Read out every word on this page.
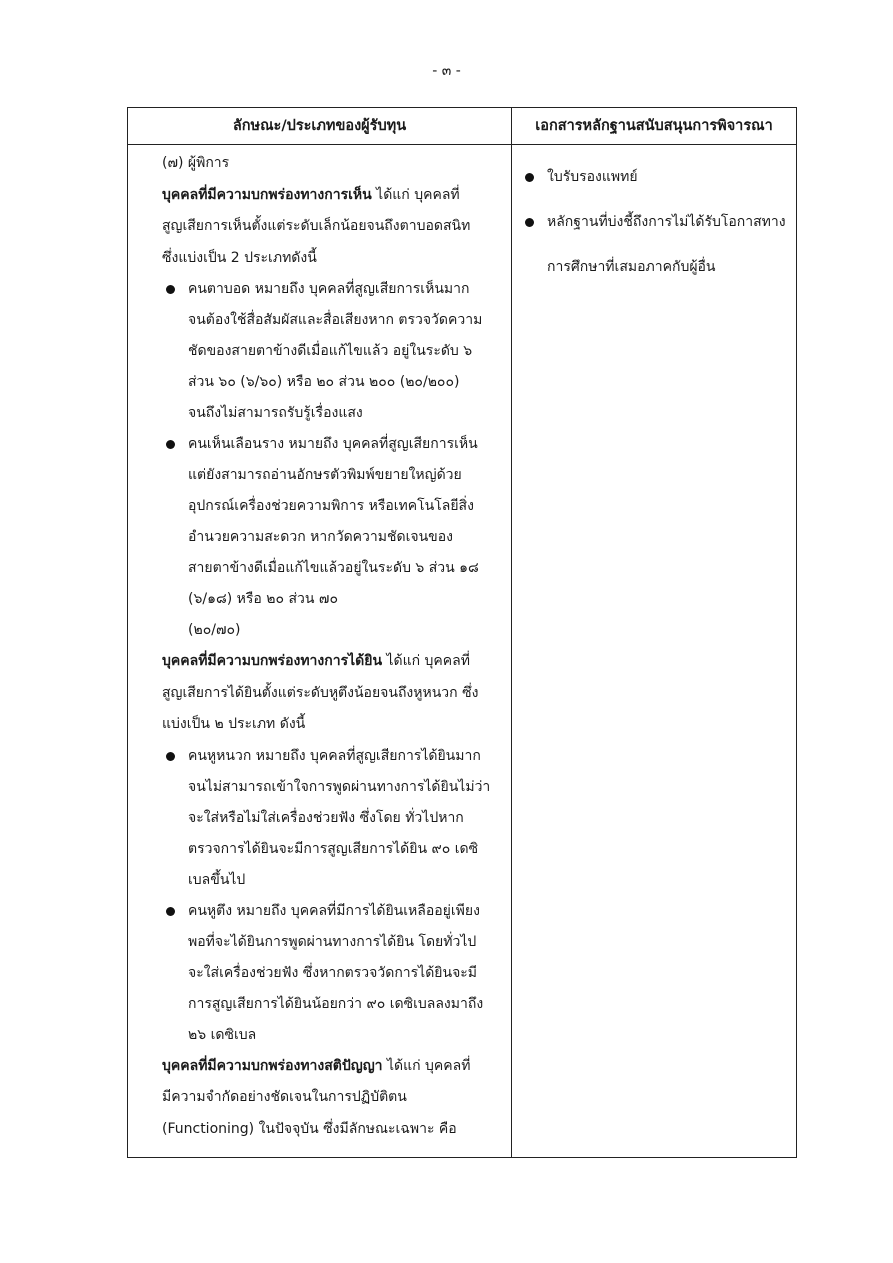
- ๓ -
ลักษณะ/ประเภทของผู้รับทุน	เอกสารหลักฐานสนับสนุนการพิจารณา

(๗) ผู้พิการ

บุคคลที่มีความบกพร่องทางการเห็น ได้แก่ บุคคลที่

สูญเสียการเห็นตั้งแต่ระดับเล็กน้อยจนถึงตาบอดสนิท

ซึ่งแบ่งเป็น 2 ประเภทดังนี้

คนตาบอด หมายถึง บุคคลที่สูญเสียการเห็นมาก

จนต้องใช้สื่อสัมผัสและสื่อเสียงหาก ตรวจวัดความ

ชัดของสายตาข้างดีเมื่อแก้ไขแล้ว อยู่ในระดับ ๖

ส่วน ๖๐ (๖/๖๐) หรือ ๒๐ ส่วน ๒๐๐ (๒๐/๒๐๐)

จนถึงไม่สามารถรับรู้เรื่องแสง

คนเห็นเลือนราง หมายถึง บุคคลที่สูญเสียการเห็น

แต่ยังสามารถอ่านอักษรตัวพิมพ์ขยายใหญ่ด้วย

อุปกรณ์เครื่องช่วยความพิการ หรือเทคโนโลยีสิ่ง

อำนวยความสะดวก หากวัดความชัดเจนของ

สายตาข้างดีเมื่อแก้ไขแล้วอยู่ในระดับ ๖ ส่วน ๑๘

(๖/๑๘) หรือ ๒๐ ส่วน ๗๐

(๒๐/๗๐)

บุคคลที่มีความบกพร่องทางการได้ยิน ได้แก่ บุคคลที่

สูญเสียการได้ยินตั้งแต่ระดับหูตึงน้อยจนถึงหูหนวก ซึ่ง

แบ่งเป็น ๒ ประเภท ดังนี้

คนหูหนวก หมายถึง บุคคลที่สูญเสียการได้ยินมาก

จนไม่สามารถเข้าใจการพูดผ่านทางการได้ยินไม่ว่า

จะใส่หรือไม่ใส่เครื่องช่วยฟัง ซึ่งโดย ทั่วไปหาก

ตรวจการได้ยินจะมีการสูญเสียการได้ยิน ๙๐ เดซิ

เบลขึ้นไป

คนหูตึง หมายถึง บุคคลที่มีการได้ยินเหลืออยู่เพียง

พอที่จะได้ยินการพูดผ่านทางการได้ยิน โดยทั่วไป

จะใส่เครื่องช่วยฟัง ซึ่งหากตรวจวัดการได้ยินจะมี

การสูญเสียการได้ยินน้อยกว่า ๙๐ เดซิเบลลงมาถึง

๒๖ เดซิเบล

บุคคลที่มีความบกพร่องทางสติปัญญา ได้แก่ บุคคลที่

มีความจำกัดอย่างชัดเจนในการปฏิบัติตน

(Functioning) ในปัจจุบัน ซึ่งมีลักษณะเฉพาะ คือ

ใบรับรองแพทย์

หลักฐานที่บ่งชี้ถึงการไม่ได้รับโอกาสทาง

การศึกษาที่เสมอภาคกับผู้อื่น
